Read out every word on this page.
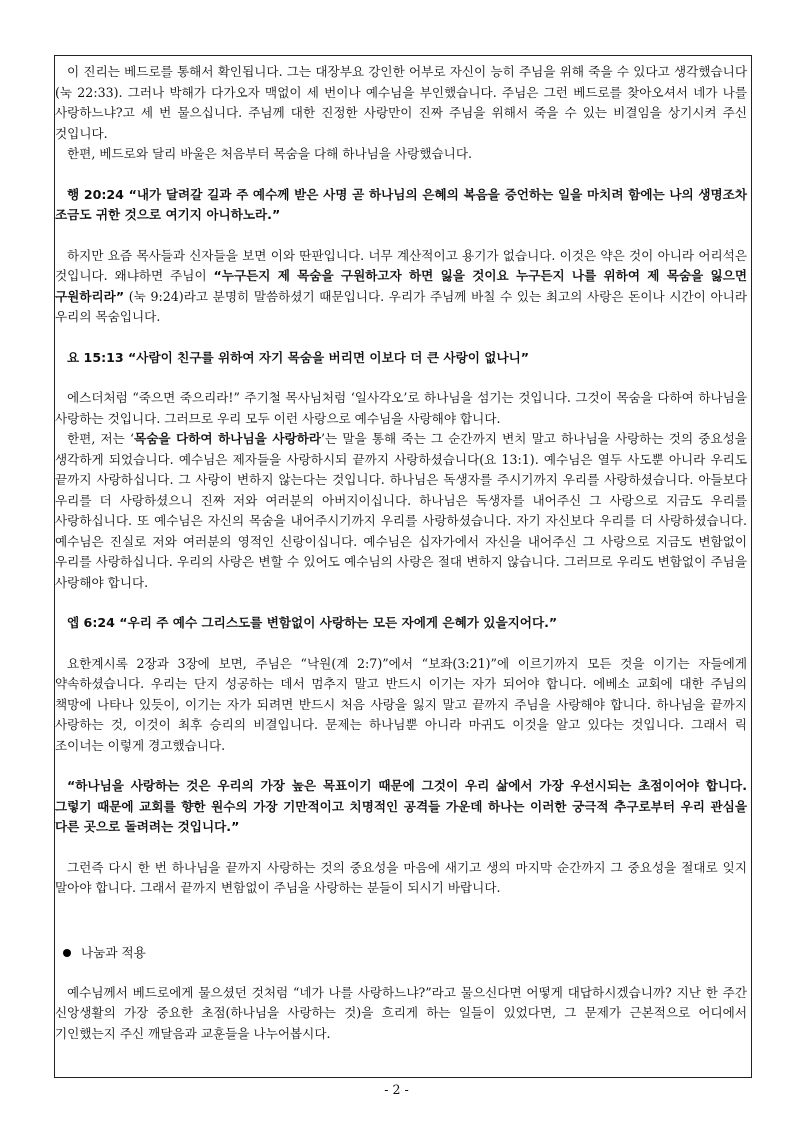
이 진리는 베드로를 통해서 확인됩니다. 그는 대장부요 강인한 어부로 자신이 능히 주님을 위해 죽을 수 있다고 생각했습니다(눅 22:33). 그러나 박해가 다가오자 맥없이 세 번이나 예수님을 부인했습니다. 주님은 그런 베드로를 찾아오셔서 네가 나를 사랑하느냐?고 세 번 물으십니다. 주님께 대한 진정한 사랑만이 진짜 주님을 위해서 죽을 수 있는 비결임을 상기시켜 주신 것입니다.

한편, 베드로와 달리 바울은 처음부터 목숨을 다해 하나님을 사랑했습니다.

행 20:24 “내가 달려갈 길과 주 예수께 받은 사명 곧 하나님의 은혜의 복음을 증언하는 일을 마치려 함에는 나의 생명조차 조금도 귀한 것으로 여기지 아니하노라.”

하지만 요즘 목사들과 신자들을 보면 이와 딴판입니다. 너무 계산적이고 용기가 없습니다. 이것은 약은 것이 아니라 어리석은 것입니다. 왜냐하면 주님이 “누구든지 제 목숨을 구원하고자 하면 잃을 것이요 누구든지 나를 위하여 제 목숨을 잃으면 구원하리라” (눅 9:24)라고 분명히 말씀하셨기 때문입니다. 우리가 주님께 바칠 수 있는 최고의 사랑은 돈이나 시간이 아니라 우리의 목숨입니다.

요 15:13 “사람이 친구를 위하여 자기 목숨을 버리면 이보다 더 큰 사랑이 없나니”

에스더처럼 “죽으면 죽으리라!” 주기철 목사님처럼 ‘일사각오’로 하나님을 섬기는 것입니다. 그것이 목숨을 다하여 하나님을 사랑하는 것입니다. 그러므로 우리 모두 이런 사랑으로 예수님을 사랑해야 합니다.

한편, 저는 ‘목숨을 다하여 하나님을 사랑하라’는 말을 통해 죽는 그 순간까지 변치 말고 하나님을 사랑하는 것의 중요성을 생각하게 되었습니다. 예수님은 제자들을 사랑하시되 끝까지 사랑하셨습니다(요 13:1). 예수님은 열두 사도뿐 아니라 우리도 끝까지 사랑하십니다. 그 사랑이 변하지 않는다는 것입니다. 하나님은 독생자를 주시기까지 우리를 사랑하셨습니다. 아들보다 우리를 더 사랑하셨으니 진짜 저와 여러분의 아버지이십니다. 하나님은 독생자를 내어주신 그 사랑으로 지금도 우리를 사랑하십니다. 또 예수님은 자신의 목숨을 내어주시기까지 우리를 사랑하셨습니다. 자기 자신보다 우리를 더 사랑하셨습니다. 예수님은 진실로 저와 여러분의 영적인 신랑이십니다. 예수님은 십자가에서 자신을 내어주신 그 사랑으로 지금도 변함없이 우리를 사랑하십니다. 우리의 사랑은 변할 수 있어도 예수님의 사랑은 절대 변하지 않습니다. 그러므로 우리도 변함없이 주님을 사랑해야 합니다.

엡 6:24 “우리 주 예수 그리스도를 변함없이 사랑하는 모든 자에게 은혜가 있을지어다.”

요한계시록 2장과 3장에 보면, 주님은 “낙원(계 2:7)”에서 “보좌(3:21)”에 이르기까지 모든 것을 이기는 자들에게 약속하셨습니다. 우리는 단지 성공하는 데서 멈추지 말고 반드시 이기는 자가 되어야 합니다. 에베소 교회에 대한 주님의 책망에 나타나 있듯이, 이기는 자가 되려면 반드시 처음 사랑을 잃지 말고 끝까지 주님을 사랑해야 합니다. 하나님을 끝까지 사랑하는 것, 이것이 최후 승리의 비결입니다. 문제는 하나님뿐 아니라 마귀도 이것을 알고 있다는 것입니다. 그래서 릭 조이너는 이렇게 경고했습니다.

“하나님을 사랑하는 것은 우리의 가장 높은 목표이기 때문에 그것이 우리 삶에서 가장 우선시되는 초점이어야 합니다. 그렇기 때문에 교회를 향한 원수의 가장 기만적이고 치명적인 공격들 가운데 하나는 이러한 궁극적 추구로부터 우리 관심을 다른 곳으로 돌려려는 것입니다.”

그런즉 다시 한 번 하나님을 끝까지 사랑하는 것의 중요성을 마음에 새기고 생의 마지막 순간까지 그 중요성을 절대로 잊지 말아야 합니다. 그래서 끝까지 변함없이 주님을 사랑하는 분들이 되시기 바랍니다.

나눔과 적용

예수님께서 베드로에게 물으셨던 것처럼 “네가 나를 사랑하느냐?”라고 물으신다면 어떻게 대답하시겠습니까? 지난 한 주간 신앙생활의 가장 중요한 초점(하나님을 사랑하는 것)을 흐리게 하는 일들이 있었다면, 그 문제가 근본적으로 어디에서 기인했는지 주신 깨달음과 교훈들을 나누어봅시다.

- 2 -
